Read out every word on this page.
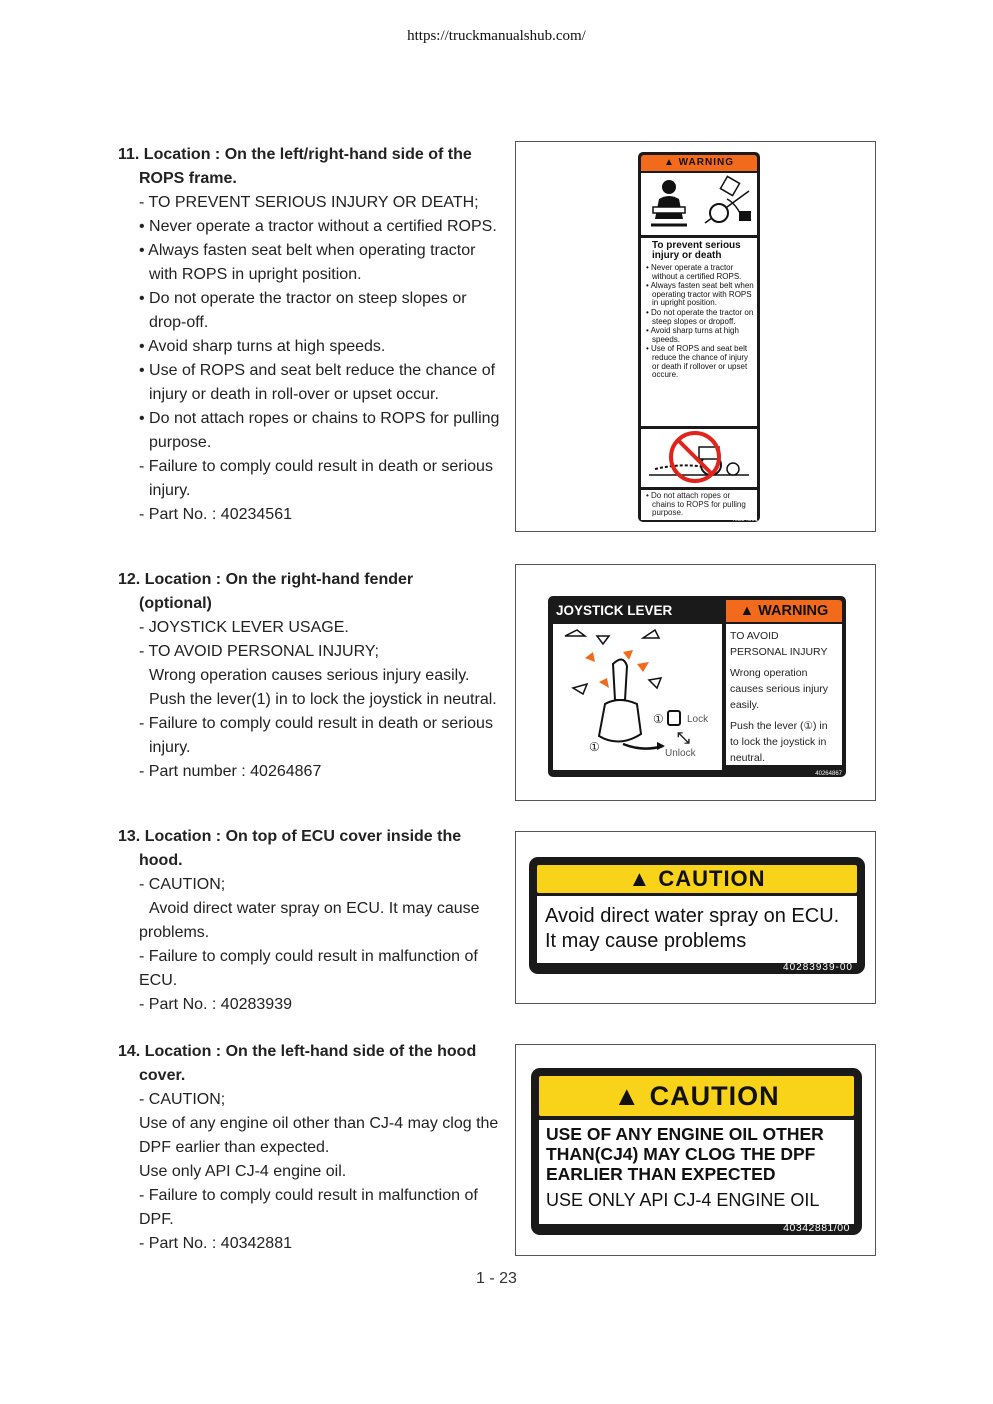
https://truckmanualshub.com/
11. Location : On the left/right-hand side of the
ROPS frame.

- TO PREVENT SERIOUS INJURY OR DEATH;

• Never operate a tractor without a certified ROPS.

• Always fasten seat belt when operating tractor with ROPS in upright position.

• Do not operate the tractor on steep slopes or drop-off.

• Avoid sharp turns at high speeds.

• Use of ROPS and seat belt reduce the chance of injury or death in roll-over or upset occur.

• Do not attach ropes or chains to ROPS for pulling purpose.

- Failure to comply could result in death or serious injury.

- Part No. : 40234561

12. Location : On the right-hand fender
(optional)

- JOYSTICK LEVER USAGE.

- TO AVOID PERSONAL INJURY;

Wrong operation causes serious injury easily. Push the lever(1) in to lock the joystick in neutral.

- Failure to comply could result in death or serious injury.

- Part number : 40264867

13. Location : On top of ECU cover inside the
hood.

- CAUTION;

Avoid direct water spray on ECU. It may cause problems.

- Failure to comply could result in malfunction of ECU.

- Part No. : 40283939

14. Location : On the left-hand side of the hood
cover.

- CAUTION;

Use of any engine oil other than CJ-4 may clog the DPF earlier than expected.

Use only API CJ-4 engine oil.

- Failure to comply could result in malfunction of DPF.

- Part No. : 40342881

▲ WARNING
To prevent serious injury or death
• Never operate a tractor without a certified ROPS.
• Always fasten seat belt when operating tractor with ROPS in upright position.
• Do not operate the tractor on steep slopes or dropoff.
• Avoid sharp turns at high speeds.
• Use of ROPS and seat belt reduce the chance of injury or death if rollover or upset occure.
• Do not attach ropes or chains to ROPS for pulling purpose.
40234561
JOYSTICK LEVER	▲ WARNING
① Lock
①	Unlock
⤡
TO AVOID PERSONAL INJURY
Wrong operation causes serious injury easily.
Push the lever (①) in to lock the joystick in neutral.
40264867
▲ CAUTION
Avoid direct water spray on ECU.
It may cause problems
40283939-00
▲ CAUTION
USE OF ANY ENGINE OIL OTHER
THAN(CJ4) MAY CLOG THE DPF
EARLIER THAN EXPECTED
USE ONLY API CJ-4 ENGINE OIL
40342881/00
1 - 23
